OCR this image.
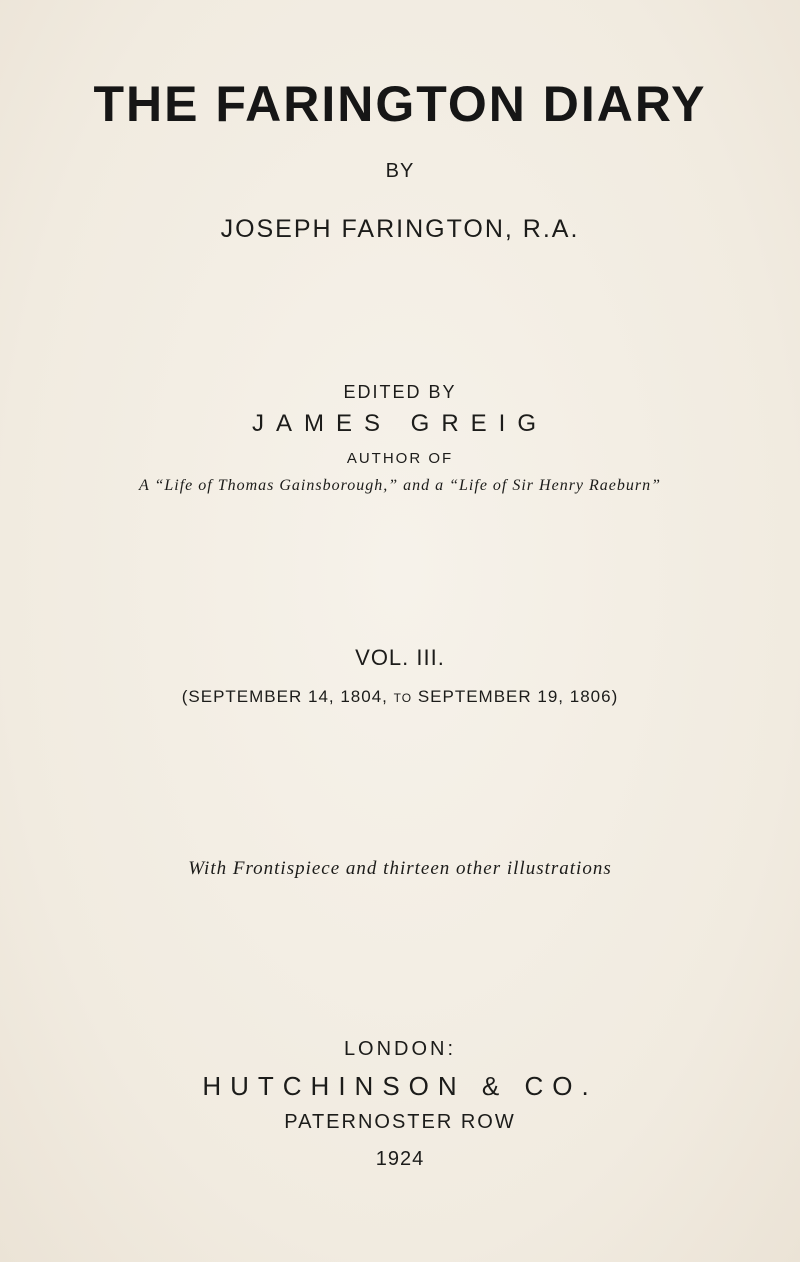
THE FARINGTON DIARY
BY
JOSEPH FARINGTON, R.A.
EDITED BY
JAMES GREIG
AUTHOR OF
A “Life of Thomas Gainsborough,” and a “Life of Sir Henry Raeburn”
VOL. III.
(SEPTEMBER 14, 1804, TO SEPTEMBER 19, 1806)
With Frontispiece and thirteen other illustrations
LONDON:
HUTCHINSON & CO.
PATERNOSTER ROW
1924
